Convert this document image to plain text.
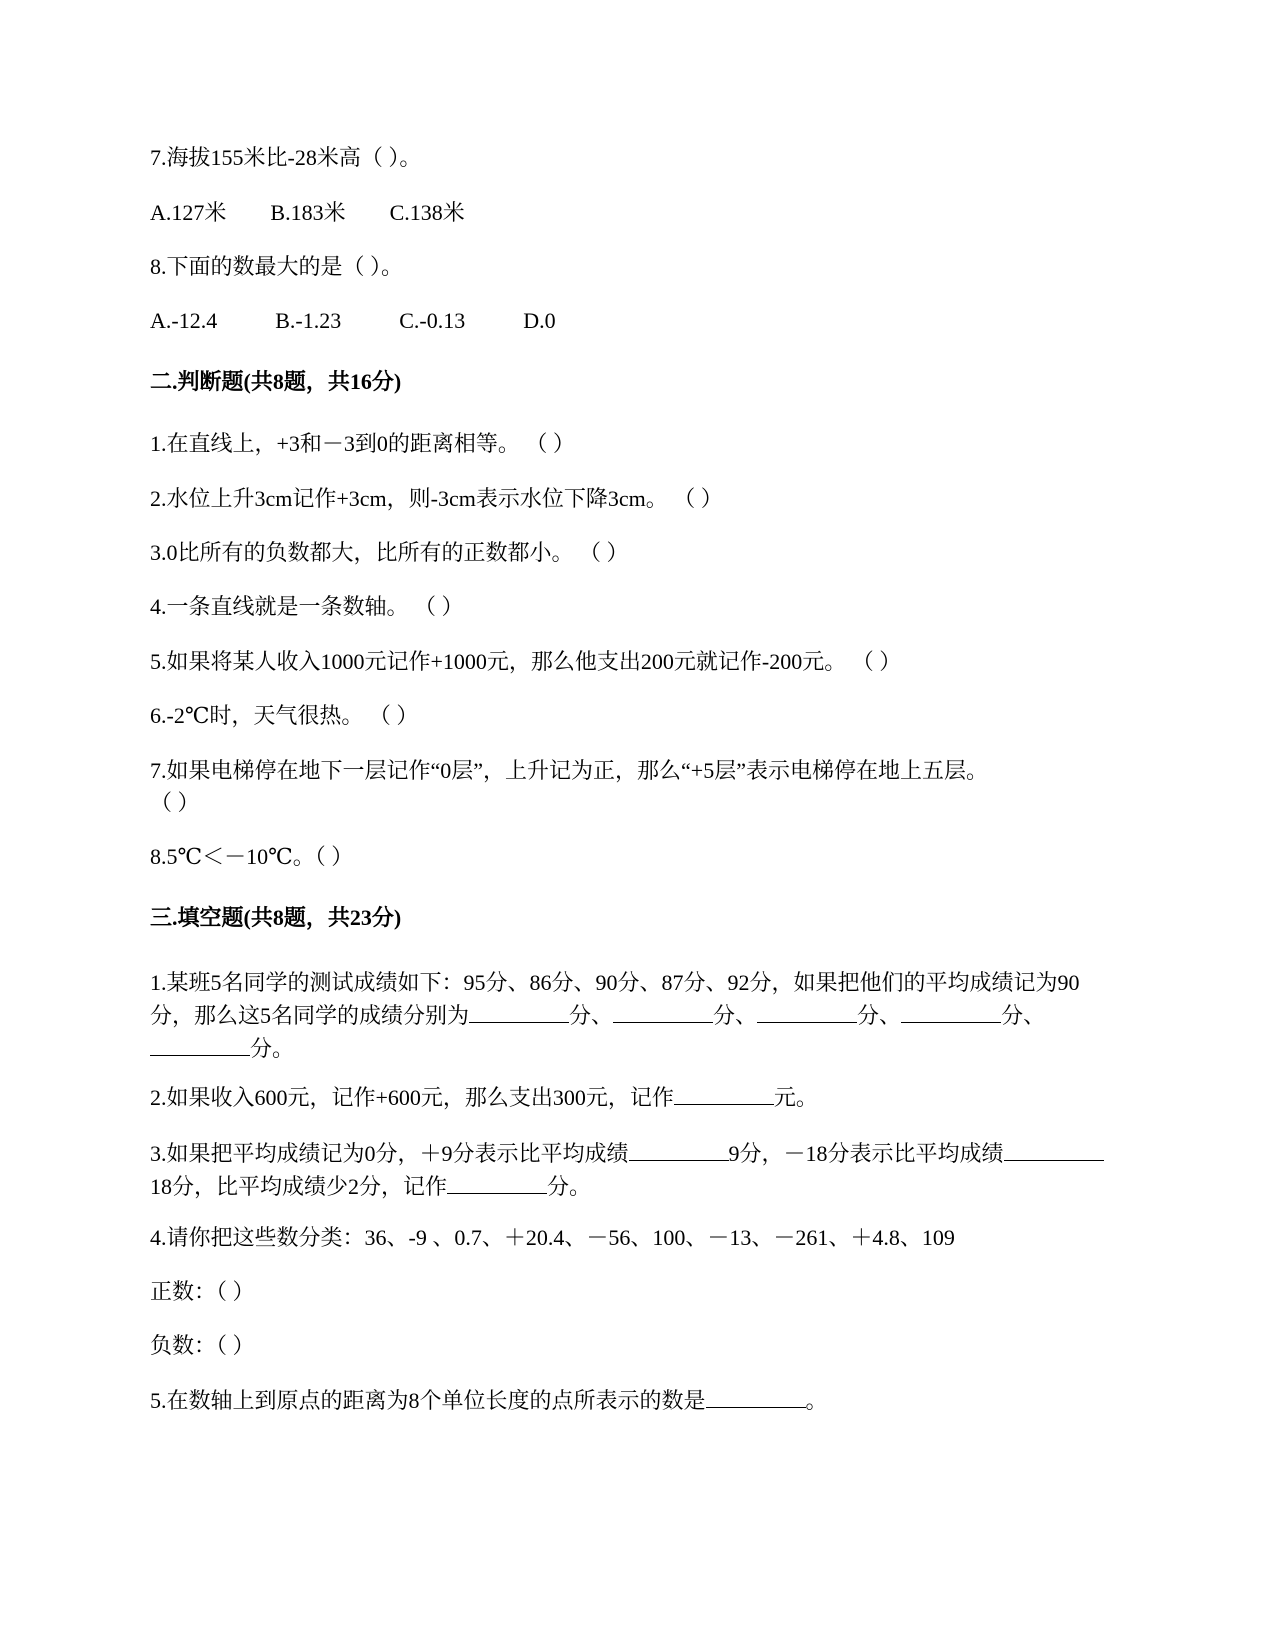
7.海拔155米比-28米高（ ）。
A.127米 B.183米 C.138米
8.下面的数最大的是（ ）。
A.-12.4	B.-1.23	C.-0.13	D.0
二.判断题(共8题，共16分)
1.在直线上，+3和－3到0的距离相等。 （ ）
2.水位上升3cm记作+3cm，则-3cm表示水位下降3cm。 （ ）
3.0比所有的负数都大，比所有的正数都小。 （ ）
4.一条直线就是一条数轴。 （ ）
5.如果将某人收入1000元记作+1000元，那么他支出200元就记作-200元。 （ ）
6.-2℃时，天气很热。 （ ）
7.如果电梯停在地下一层记作“0层”，上升记为正，那么“+5层”表示电梯停在地上五层。
（ ）
8.5℃＜－10℃。（ ）
三.填空题(共8题，共23分)
1.某班5名同学的测试成绩如下：95分、86分、90分、87分、92分，如果把他们的平均成绩记为90分，那么这5名同学的成绩分别为	分、	分、	分、	分、分。
2.如果收入600元，记作+600元，那么支出300元，记作	元。
3.如果把平均成绩记为0分，＋9分表示比平均成绩	9分，－18分表示比平均成绩18分，比平均成绩少2分，记作	分。
4.请你把这些数分类：36、-9 、0.7、＋20.4、－56、100、－13、－261、＋4.8、109
正数：（ ）
负数：（ ）
5.在数轴上到原点的距离为8个单位长度的点所表示的数是	。
